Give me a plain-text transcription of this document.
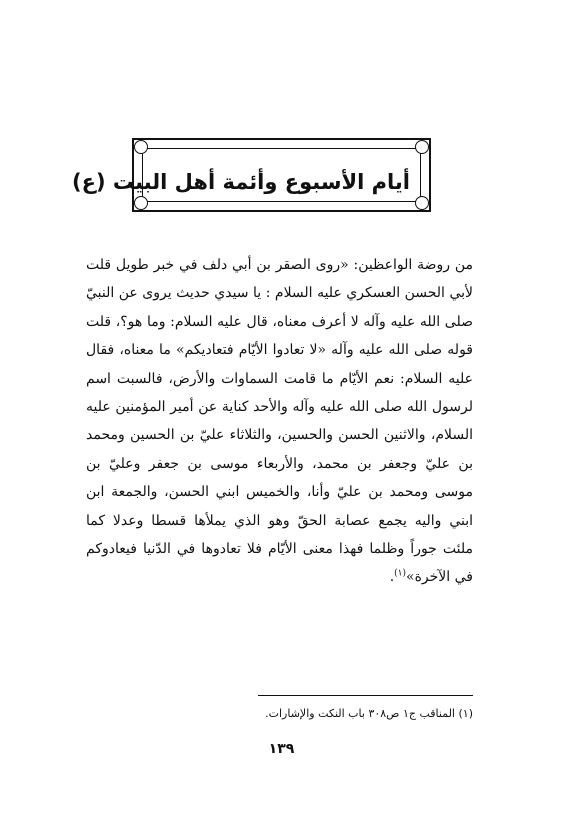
أيام الأسبوع وأئمة أهل البيت (ع)
من روضة الواعظين: «روى الصقر بن أبي دلف في خبر طويل قلت لأبي الحسن العسكري عليه السلام : يا سيدي حديث يروى عن النبيّ صلى الله عليه وآله لا أعرف معناه، قال عليه السلام: وما هو؟، قلت قوله صلى الله عليه وآله «لا تعادوا الأيّام فتعاديكم» ما معناه، فقال عليه السلام: نعم الأيّام ما قامت السماوات والأرض، فالسبت اسم لرسول الله صلى الله عليه وآله والأحد كناية عن أمير المؤمنين عليه السلام، والاثنين الحسن والحسين، والثلاثاء عليّ بن الحسين ومحمد بن عليّ وجعفر بن محمد، والأربعاء موسى بن جعفر وعليّ بن موسى ومحمد بن عليّ وأنا، والخميس ابني الحسن، والجمعة ابن ابني واليه يجمع عصابة الحقّ وهو الذي يملأها قسطا وعدلا كما ملئت جوراً وظلما فهذا معنى الأيّام فلا تعادوها في الدّنيا فيعادوكم في الآخرة»$^{(١)}$.
(١) المناقب ج١ ص٣٠٨ باب النكت والإشارات.
١٣٩
